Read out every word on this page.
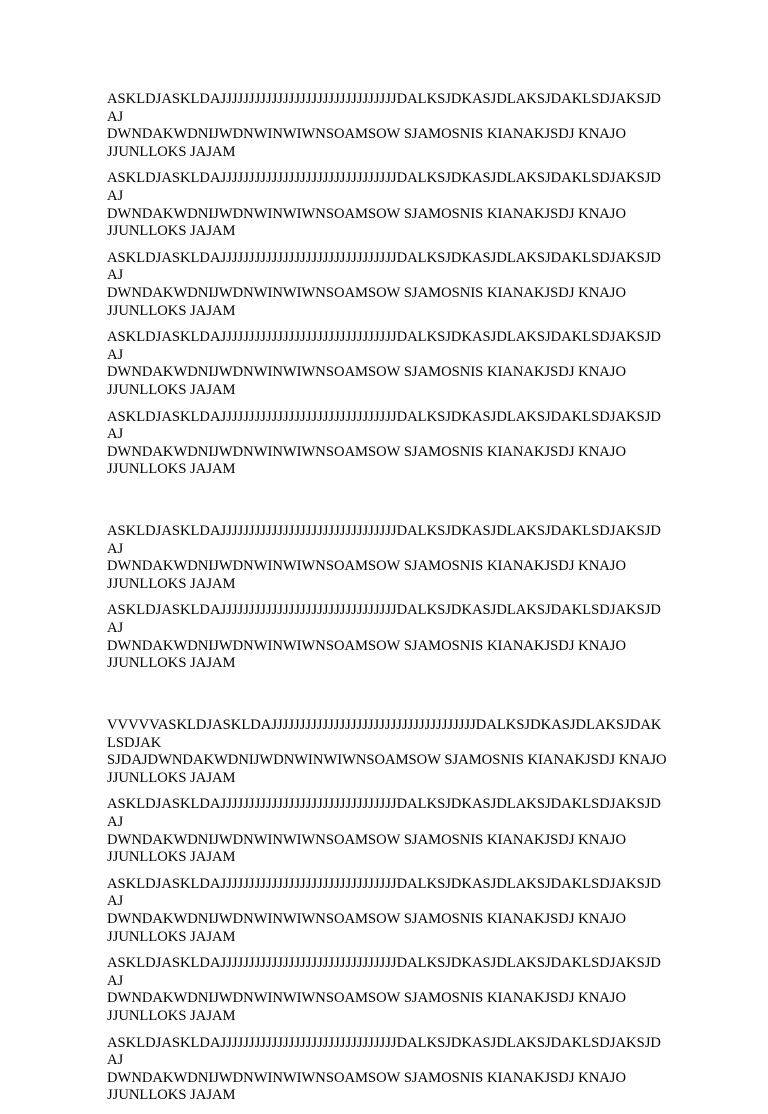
ASKLDJASKLDAJJJJJJJJJJJJJJJJJJJJJJJJJJJJJJJDALKSJDKASJDLAKSJDAKLSDJAKSJDAJ
DWNDAKWDNIJWDNWINWIWNSOAMSOW SJAMOSNIS KIANAKJSDJ KNAJO
JJUNLLOKS JAJAM

ASKLDJASKLDAJJJJJJJJJJJJJJJJJJJJJJJJJJJJJJJDALKSJDKASJDLAKSJDAKLSDJAKSJDAJ
DWNDAKWDNIJWDNWINWIWNSOAMSOW SJAMOSNIS KIANAKJSDJ KNAJO
JJUNLLOKS JAJAM

ASKLDJASKLDAJJJJJJJJJJJJJJJJJJJJJJJJJJJJJJJDALKSJDKASJDLAKSJDAKLSDJAKSJDAJ
DWNDAKWDNIJWDNWINWIWNSOAMSOW SJAMOSNIS KIANAKJSDJ KNAJO
JJUNLLOKS JAJAM

ASKLDJASKLDAJJJJJJJJJJJJJJJJJJJJJJJJJJJJJJJDALKSJDKASJDLAKSJDAKLSDJAKSJDAJ
DWNDAKWDNIJWDNWINWIWNSOAMSOW SJAMOSNIS KIANAKJSDJ KNAJO
JJUNLLOKS JAJAM

ASKLDJASKLDAJJJJJJJJJJJJJJJJJJJJJJJJJJJJJJJDALKSJDKASJDLAKSJDAKLSDJAKSJDAJ
DWNDAKWDNIJWDNWINWIWNSOAMSOW SJAMOSNIS KIANAKJSDJ KNAJO
JJUNLLOKS JAJAM

ASKLDJASKLDAJJJJJJJJJJJJJJJJJJJJJJJJJJJJJJJDALKSJDKASJDLAKSJDAKLSDJAKSJDAJ
DWNDAKWDNIJWDNWINWIWNSOAMSOW SJAMOSNIS KIANAKJSDJ KNAJO
JJUNLLOKS JAJAM

ASKLDJASKLDAJJJJJJJJJJJJJJJJJJJJJJJJJJJJJJJDALKSJDKASJDLAKSJDAKLSDJAKSJDAJ
DWNDAKWDNIJWDNWINWIWNSOAMSOW SJAMOSNIS KIANAKJSDJ KNAJO
JJUNLLOKS JAJAM

VVVVVASKLDJASKLDAJJJJJJJJJJJJJJJJJJJJJJJJJJJJJJJJJJJJDALKSJDKASJDLAKSJDAKLSDJAK
SJDAJDWNDAKWDNIJWDNWINWIWNSOAMSOW SJAMOSNIS KIANAKJSDJ KNAJO
JJUNLLOKS JAJAM

ASKLDJASKLDAJJJJJJJJJJJJJJJJJJJJJJJJJJJJJJJDALKSJDKASJDLAKSJDAKLSDJAKSJDAJ
DWNDAKWDNIJWDNWINWIWNSOAMSOW SJAMOSNIS KIANAKJSDJ KNAJO
JJUNLLOKS JAJAM

ASKLDJASKLDAJJJJJJJJJJJJJJJJJJJJJJJJJJJJJJJDALKSJDKASJDLAKSJDAKLSDJAKSJDAJ
DWNDAKWDNIJWDNWINWIWNSOAMSOW SJAMOSNIS KIANAKJSDJ KNAJO
JJUNLLOKS JAJAM

ASKLDJASKLDAJJJJJJJJJJJJJJJJJJJJJJJJJJJJJJJDALKSJDKASJDLAKSJDAKLSDJAKSJDAJ
DWNDAKWDNIJWDNWINWIWNSOAMSOW SJAMOSNIS KIANAKJSDJ KNAJO
JJUNLLOKS JAJAM

ASKLDJASKLDAJJJJJJJJJJJJJJJJJJJJJJJJJJJJJJJDALKSJDKASJDLAKSJDAKLSDJAKSJDAJ
DWNDAKWDNIJWDNWINWIWNSOAMSOW SJAMOSNIS KIANAKJSDJ KNAJO
JJUNLLOKS JAJAM
